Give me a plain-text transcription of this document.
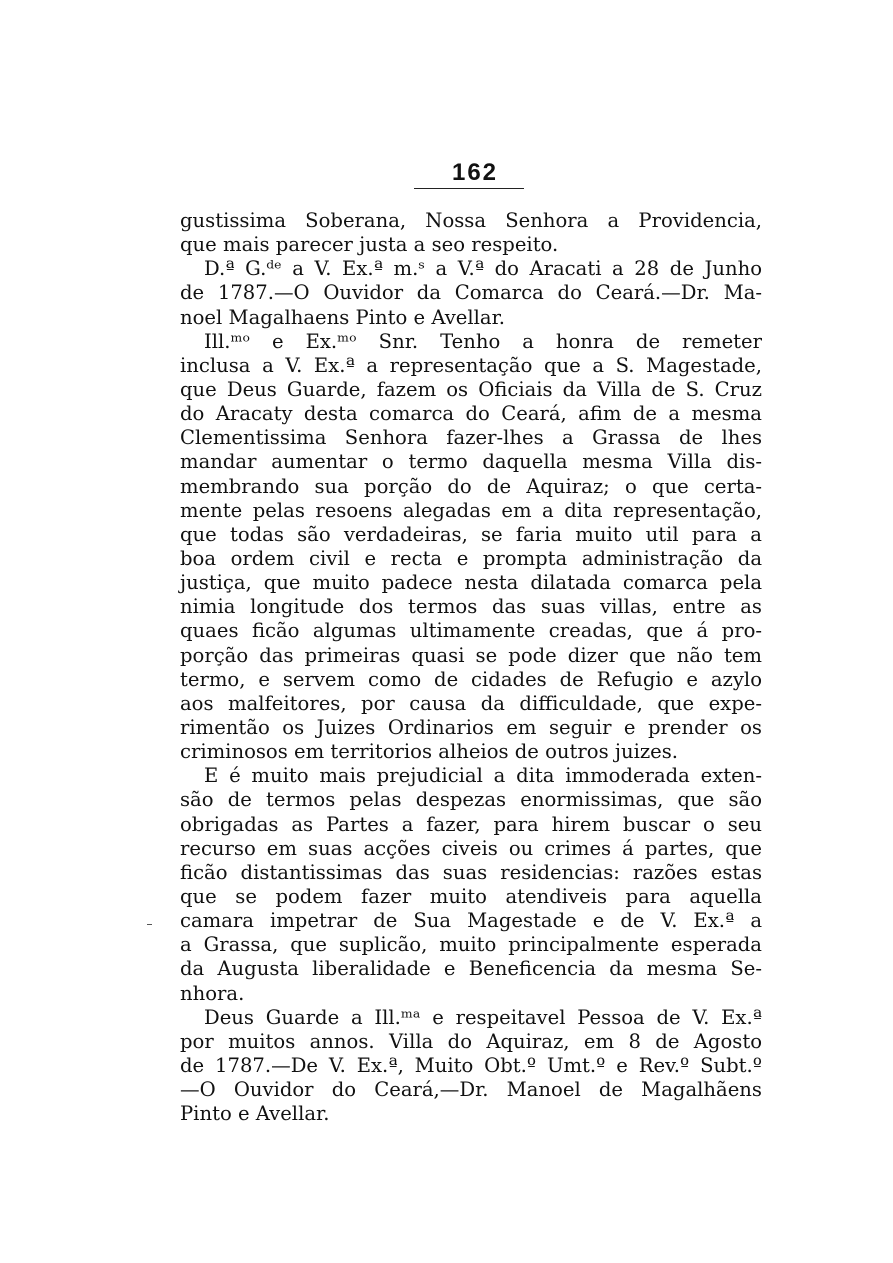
162
gustissima Soberana, Nossa Senhora a Providencia,
que mais parecer justa a seo respeito.
D.ª G.ᵈᵉ a V. Ex.ª m.ˢ a V.ª do Aracati a 28 de Junho
de 1787.—O Ouvidor da Comarca do Ceará.—Dr. Ma-
noel Magalhaens Pinto e Avellar.
Ill.ᵐᵒ e Ex.ᵐᵒ Snr. Tenho a honra de remeter
inclusa a V. Ex.ª a representação que a S. Magestade,
que Deus Guarde, fazem os Oficiais da Villa de S. Cruz
do Aracaty desta comarca do Ceará, afim de a mesma
Clementissima Senhora fazer-lhes a Grassa de lhes
mandar aumentar o termo daquella mesma Villa dis-
membrando sua porção do de Aquiraz; o que certa-
mente pelas resoens alegadas em a dita representação,
que todas são verdadeiras, se faria muito util para a
boa ordem civil e recta e prompta administração da
justiça, que muito padece nesta dilatada comarca pela
nimia longitude dos termos das suas villas, entre as
quaes ficão algumas ultimamente creadas, que á pro-
porção das primeiras quasi se pode dizer que não tem
termo, e servem como de cidades de Refugio e azylo
aos malfeitores, por causa da difficuldade, que expe-
rimentão os Juizes Ordinarios em seguir e prender os
criminosos em territorios alheios de outros juizes.
E é muito mais prejudicial a dita immoderada exten-
são de termos pelas despezas enormissimas, que são
obrigadas as Partes a fazer, para hirem buscar o seu
recurso em suas acções civeis ou crimes á partes, que
ficão distantissimas das suas residencias: razões estas
que se podem fazer muito atendiveis para aquella
camara impetrar de Sua Magestade e de V. Ex.ª a
a Grassa, que suplicão, muito principalmente esperada
da Augusta liberalidade e Beneficencia da mesma Se-
nhora.
Deus Guarde a Ill.ᵐᵃ e respeitavel Pessoa de V. Ex.ª
por muitos annos. Villa do Aquiraz, em 8 de Agosto
de 1787.—De V. Ex.ª, Muito Obt.º Umt.º e Rev.º Subt.º
—O Ouvidor do Ceará,—Dr. Manoel de Magalhãens
Pinto e Avellar.
